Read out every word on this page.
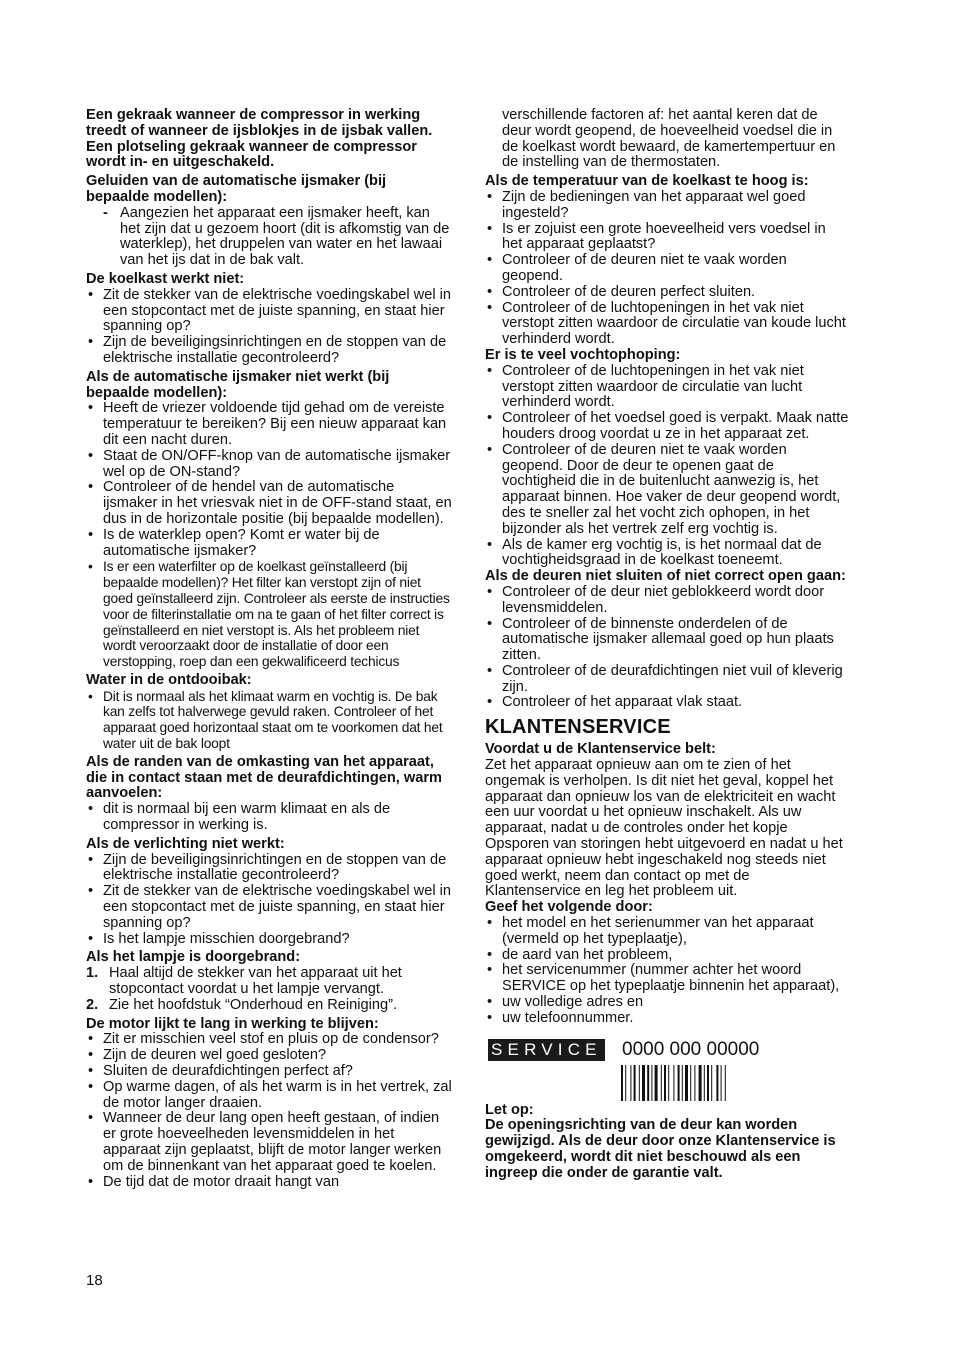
Een gekraak wanneer de compressor in werking treedt of wanneer de ijsblokjes in de ijsbak vallen. Een plotseling gekraak wanneer de compressor wordt in- en uitgeschakeld.

Geluiden van de automatische ijsmaker (bij bepaalde modellen):

- Aangezien het apparaat een ijsmaker heeft, kan het zijn dat u gezoem hoort (dit is afkomstig van de waterklep), het druppelen van water en het lawaai van het ijs dat in de bak valt.

De koelkast werkt niet:

• Zit de stekker van de elektrische voedingskabel wel in een stopcontact met de juiste spanning, en staat hier spanning op?
• Zijn de beveiligingsinrichtingen en de stoppen van de elektrische installatie gecontroleerd?

Als de automatische ijsmaker niet werkt (bij bepaalde modellen):

• Heeft de vriezer voldoende tijd gehad om de vereiste temperatuur te bereiken? Bij een nieuw apparaat kan dit een nacht duren.
• Staat de ON/OFF-knop van de automatische ijsmaker wel op de ON-stand?
• Controleer of de hendel van de automatische ijsmaker in het vriesvak niet in de OFF-stand staat, en dus in de horizontale positie (bij bepaalde modellen).
• Is de waterklep open? Komt er water bij de automatische ijsmaker?
• Is er een waterfilter op de koelkast geïnstalleerd (bij bepaalde modellen)? Het filter kan verstopt zijn of niet goed geïnstalleerd zijn. Controleer als eerste de instructies voor de filterinstallatie om na te gaan of het filter correct is geïnstalleerd en niet verstopt is. Als het probleem niet wordt veroorzaakt door de installatie of door een verstopping, roep dan een gekwalificeerd techicus

Water in de ontdooibak:

• Dit is normaal als het klimaat warm en vochtig is. De bak kan zelfs tot halverwege gevuld raken. Controleer of het apparaat goed horizontaal staat om te voorkomen dat het water uit de bak loopt

Als de randen van de omkasting van het apparaat, die in contact staan met de deurafdichtingen, warm aanvoelen:

• dit is normaal bij een warm klimaat en als de compressor in werking is.

Als de verlichting niet werkt:

• Zijn de beveiligingsinrichtingen en de stoppen van de elektrische installatie gecontroleerd?
• Zit de stekker van de elektrische voedingskabel wel in een stopcontact met de juiste spanning, en staat hier spanning op?
• Is het lampje misschien doorgebrand?

Als het lampje is doorgebrand:

1. Haal altijd de stekker van het apparaat uit het stopcontact voordat u het lampje vervangt.
2. Zie het hoofdstuk “Onderhoud en Reiniging”.

De motor lijkt te lang in werking te blijven:

• Zit er misschien veel stof en pluis op de condensor?
• Zijn de deuren wel goed gesloten?
• Sluiten de deurafdichtingen perfect af?
• Op warme dagen, of als het warm is in het vertrek, zal de motor langer draaien.
• Wanneer de deur lang open heeft gestaan, of indien er grote hoeveelheden levensmiddelen in het apparaat zijn geplaatst, blijft de motor langer werken om de binnenkant van het apparaat goed te koelen.
• De tijd dat de motor draait hangt van

verschillende factoren af: het aantal keren dat de deur wordt geopend, de hoeveelheid voedsel die in de koelkast wordt bewaard, de kamertempertuur en de instelling van de thermostaten.

Als de temperatuur van de koelkast te hoog is:

• Zijn de bedieningen van het apparaat wel goed ingesteld?
• Is er zojuist een grote hoeveelheid vers voedsel in het apparaat geplaatst?
• Controleer of de deuren niet te vaak worden geopend.
• Controleer of de deuren perfect sluiten.
• Controleer of de luchtopeningen in het vak niet verstopt zitten waardoor de circulatie van koude lucht verhinderd wordt.

Er is te veel vochtophoping:

• Controleer of de luchtopeningen in het vak niet verstopt zitten waardoor de circulatie van lucht verhinderd wordt.
• Controleer of het voedsel goed is verpakt. Maak natte houders droog voordat u ze in het apparaat zet.
• Controleer of de deuren niet te vaak worden geopend. Door de deur te openen gaat de vochtigheid die in de buitenlucht aanwezig is, het apparaat binnen. Hoe vaker de deur geopend wordt, des te sneller zal het vocht zich ophopen, in het bijzonder als het vertrek zelf erg vochtig is.
• Als de kamer erg vochtig is, is het normaal dat de vochtigheidsgraad in de koelkast toeneemt.

Als de deuren niet sluiten of niet correct open gaan:

• Controleer of de deur niet geblokkeerd wordt door levensmiddelen.
• Controleer of de binnenste onderdelen of de automatische ijsmaker allemaal goed op hun plaats zitten.
• Controleer of de deurafdichtingen niet vuil of kleverig zijn.
• Controleer of het apparaat vlak staat.

KLANTENSERVICE

Voordat u de Klantenservice belt:

Zet het apparaat opnieuw aan om te zien of het ongemak is verholpen. Is dit niet het geval, koppel het apparaat dan opnieuw los van de elektriciteit en wacht een uur voordat u het opnieuw inschakelt. Als uw apparaat, nadat u de controles onder het kopje Opsporen van storingen hebt uitgevoerd en nadat u het apparaat opnieuw hebt ingeschakeld nog steeds niet goed werkt, neem dan contact op met de Klantenservice en leg het probleem uit.

Geef het volgende door:

• het model en het serienummer van het apparaat (vermeld op het typeplaatje),
• de aard van het probleem,
• het servicenummer (nummer achter het woord SERVICE op het typeplaatje binnenin het apparaat),
• uw volledige adres en
• uw telefoonnummer.
SERVICE 0000 000 00000

Let op:

De openingsrichting van de deur kan worden gewijzigd. Als de deur door onze Klantenservice is omgekeerd, wordt dit niet beschouwd als een ingreep die onder de garantie valt.

18
